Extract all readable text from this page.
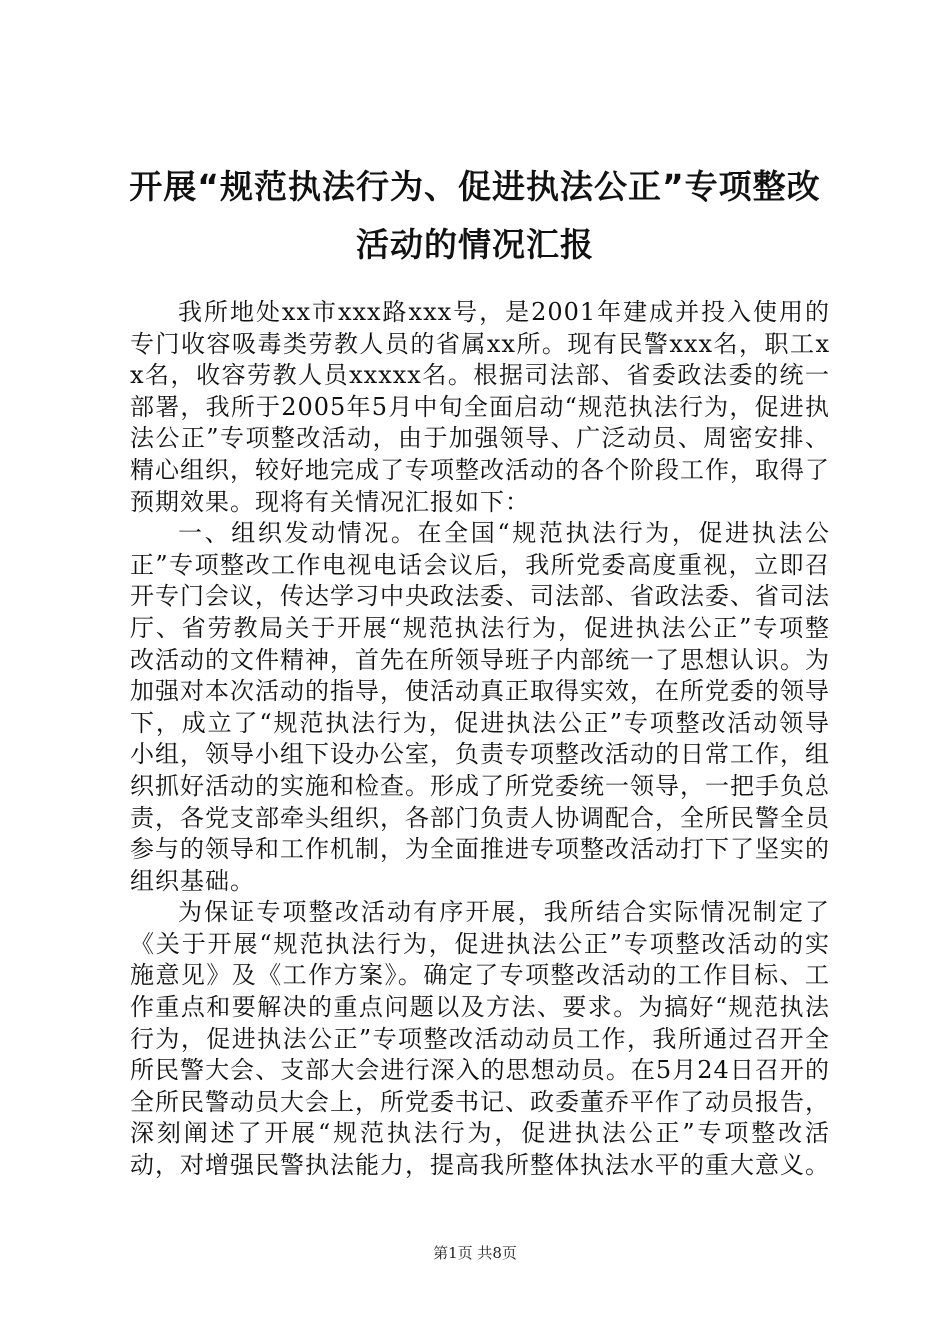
开展“规范执法行为、促进执法公正”专项整改活动的情况汇报

我所地处xx市xxx路xxx号，是2001年建成并投入使用的专门收容吸毒类劳教人员的省属xx所。现有民警xxx名，职工xx名，收容劳教人员xxxxx名。根据司法部、省委政法委的统一部署，我所于2005年5月中旬全面启动“规范执法行为，促进执法公正”专项整改活动，由于加强领导、广泛动员、周密安排、精心组织，较好地完成了专项整改活动的各个阶段工作，取得了预期效果。现将有关情况汇报如下：

一、组织发动情况。在全国“规范执法行为，促进执法公正”专项整改工作电视电话会议后，我所党委高度重视，立即召开专门会议，传达学习中央政法委、司法部、省政法委、省司法厅、省劳教局关于开展“规范执法行为，促进执法公正”专项整改活动的文件精神，首先在所领导班子内部统一了思想认识。为加强对本次活动的指导，使活动真正取得实效，在所党委的领导下，成立了“规范执法行为，促进执法公正”专项整改活动领导小组，领导小组下设办公室，负责专项整改活动的日常工作，组织抓好活动的实施和检查。形成了所党委统一领导，一把手负总责，各党支部牵头组织，各部门负责人协调配合，全所民警全员参与的领导和工作机制，为全面推进专项整改活动打下了坚实的组织基础。

为保证专项整改活动有序开展，我所结合实际情况制定了《关于开展“规范执法行为，促进执法公正”专项整改活动的实施意见》及《工作方案》。确定了专项整改活动的工作目标、工作重点和要解决的重点问题以及方法、要求。为搞好“规范执法行为，促进执法公正”专项整改活动动员工作，我所通过召开全所民警大会、支部大会进行深入的思想动员。在5月24日召开的全所民警动员大会上，所党委书记、政委董乔平作了动员报告，深刻阐述了开展“规范执法行为，促进执法公正”专项整改活动，对增强民警执法能力，提高我所整体执法水平的重大意义。

第1页 共8页
